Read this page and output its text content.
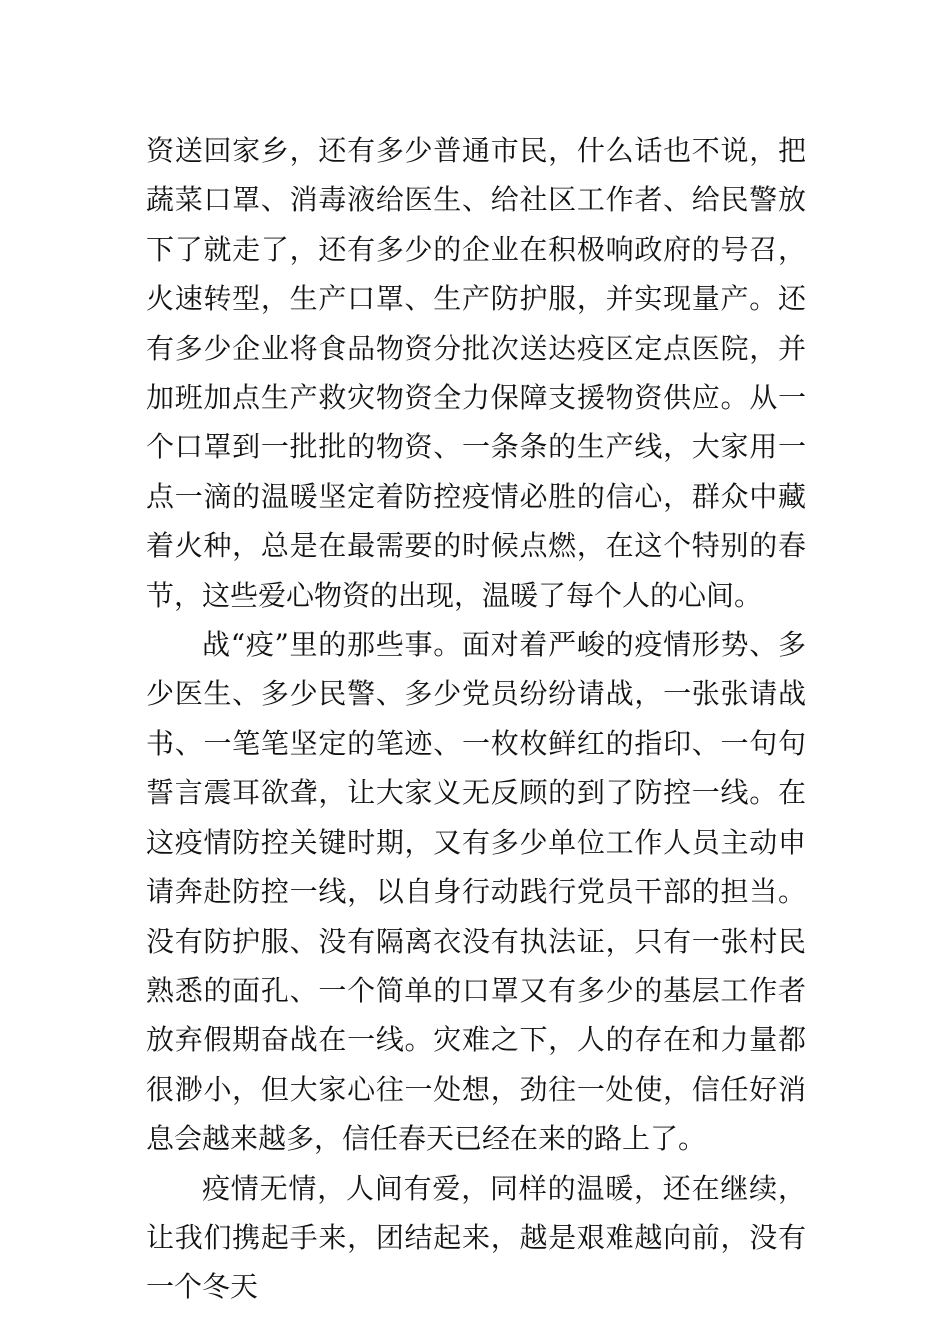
资送回家乡，还有多少普通市民，什么话也不说，把蔬菜口罩、消毒液给医生、给社区工作者、给民警放下了就走了，还有多少的企业在积极响政府的号召，火速转型，生产口罩、生产防护服，并实现量产。还有多少企业将食品物资分批次送达疫区定点医院，并加班加点生产救灾物资全力保障支援物资供应。从一个口罩到一批批的物资、一条条的生产线，大家用一点一滴的温暖坚定着防控疫情必胜的信心，群众中藏着火种，总是在最需要的时候点燃，在这个特别的春节，这些爱心物资的出现，温暖了每个人的心间。

战“疫”里的那些事。面对着严峻的疫情形势、多少医生、多少民警、多少党员纷纷请战，一张张请战书、一笔笔坚定的笔迹、一枚枚鲜红的指印、一句句誓言震耳欲聋，让大家义无反顾的到了防控一线。在这疫情防控关键时期，又有多少单位工作人员主动申请奔赴防控一线，以自身行动践行党员干部的担当。没有防护服、没有隔离衣没有执法证，只有一张村民熟悉的面孔、一个简单的口罩又有多少的基层工作者放弃假期奋战在一线。灾难之下，人的存在和力量都很渺小，但大家心往一处想，劲往一处使，信任好消息会越来越多，信任春天已经在来的路上了。

疫情无情，人间有爱，同样的温暖，还在继续，让我们携起手来，团结起来，越是艰难越向前，没有一个冬天
